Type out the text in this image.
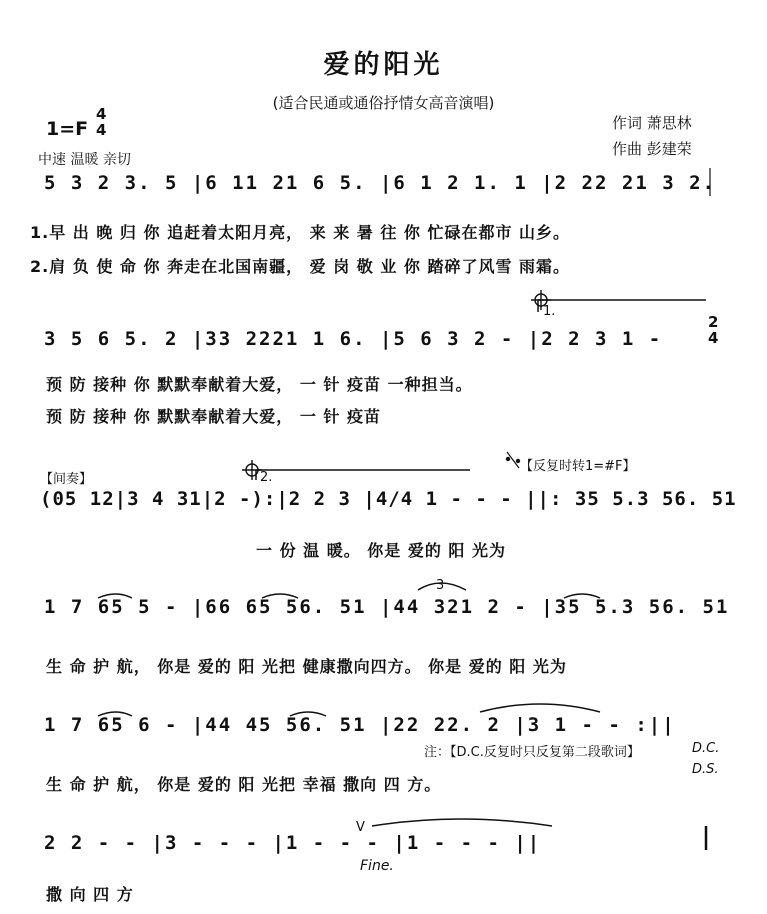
爱的阳光
(适合民通或通俗抒情女高音演唱)
1=F
4
4	作词 萧思林
作曲 彭建荣
中速 温暖 亲切
5 3 2 3. 5 |6 11 21 6 5. |6 1 2 1. 1 |2 22 21 3 2.
1.早 出 晚 归 你 追赶着太阳月亮， 来 来 暑 往 你 忙碌在都市 山乡。
2.肩 负 使 命 你 奔走在北国南疆， 爱 岗 敬 业 你 踏碎了风雪 雨霜。
1.
3 5 6 5. 2 |33 2221 1 6. |5 6 3 2 - |2 2 3 1 -
2
4
预 防 接种 你 默默奉献着大爱， 一 针 疫苗 一种担当。
预 防 接种 你 默默奉献着大爱， 一 针 疫苗
【反复时转1=#F】
【间奏】	2.
(05 12|3 4 31|2 -):|2 2 3 |4/4 1 - - - ||: 35 5.3 56. 51
一 份 温 暖。 你是 爱的 阳 光为
3
1 7 65 5 - |66 65 56. 51 |44 321 2 - |35 5.3 56. 51
生 命 护 航， 你是 爱的 阳 光把 健康撒向四方。 你是 爱的 阳 光为
1 7 65 6 - |44 45 56. 51 |22 22. 2 |3 1 - - :||
注：【D.C.反复时只反复第二段歌词】	D.C.
D.S.
生 命 护 航， 你是 爱的 阳 光把 幸福 撒向 四 方。
V
2 2 - - |3 - - - |1 - - - |1 - - - ||
Fine.
撒 向 四 方
